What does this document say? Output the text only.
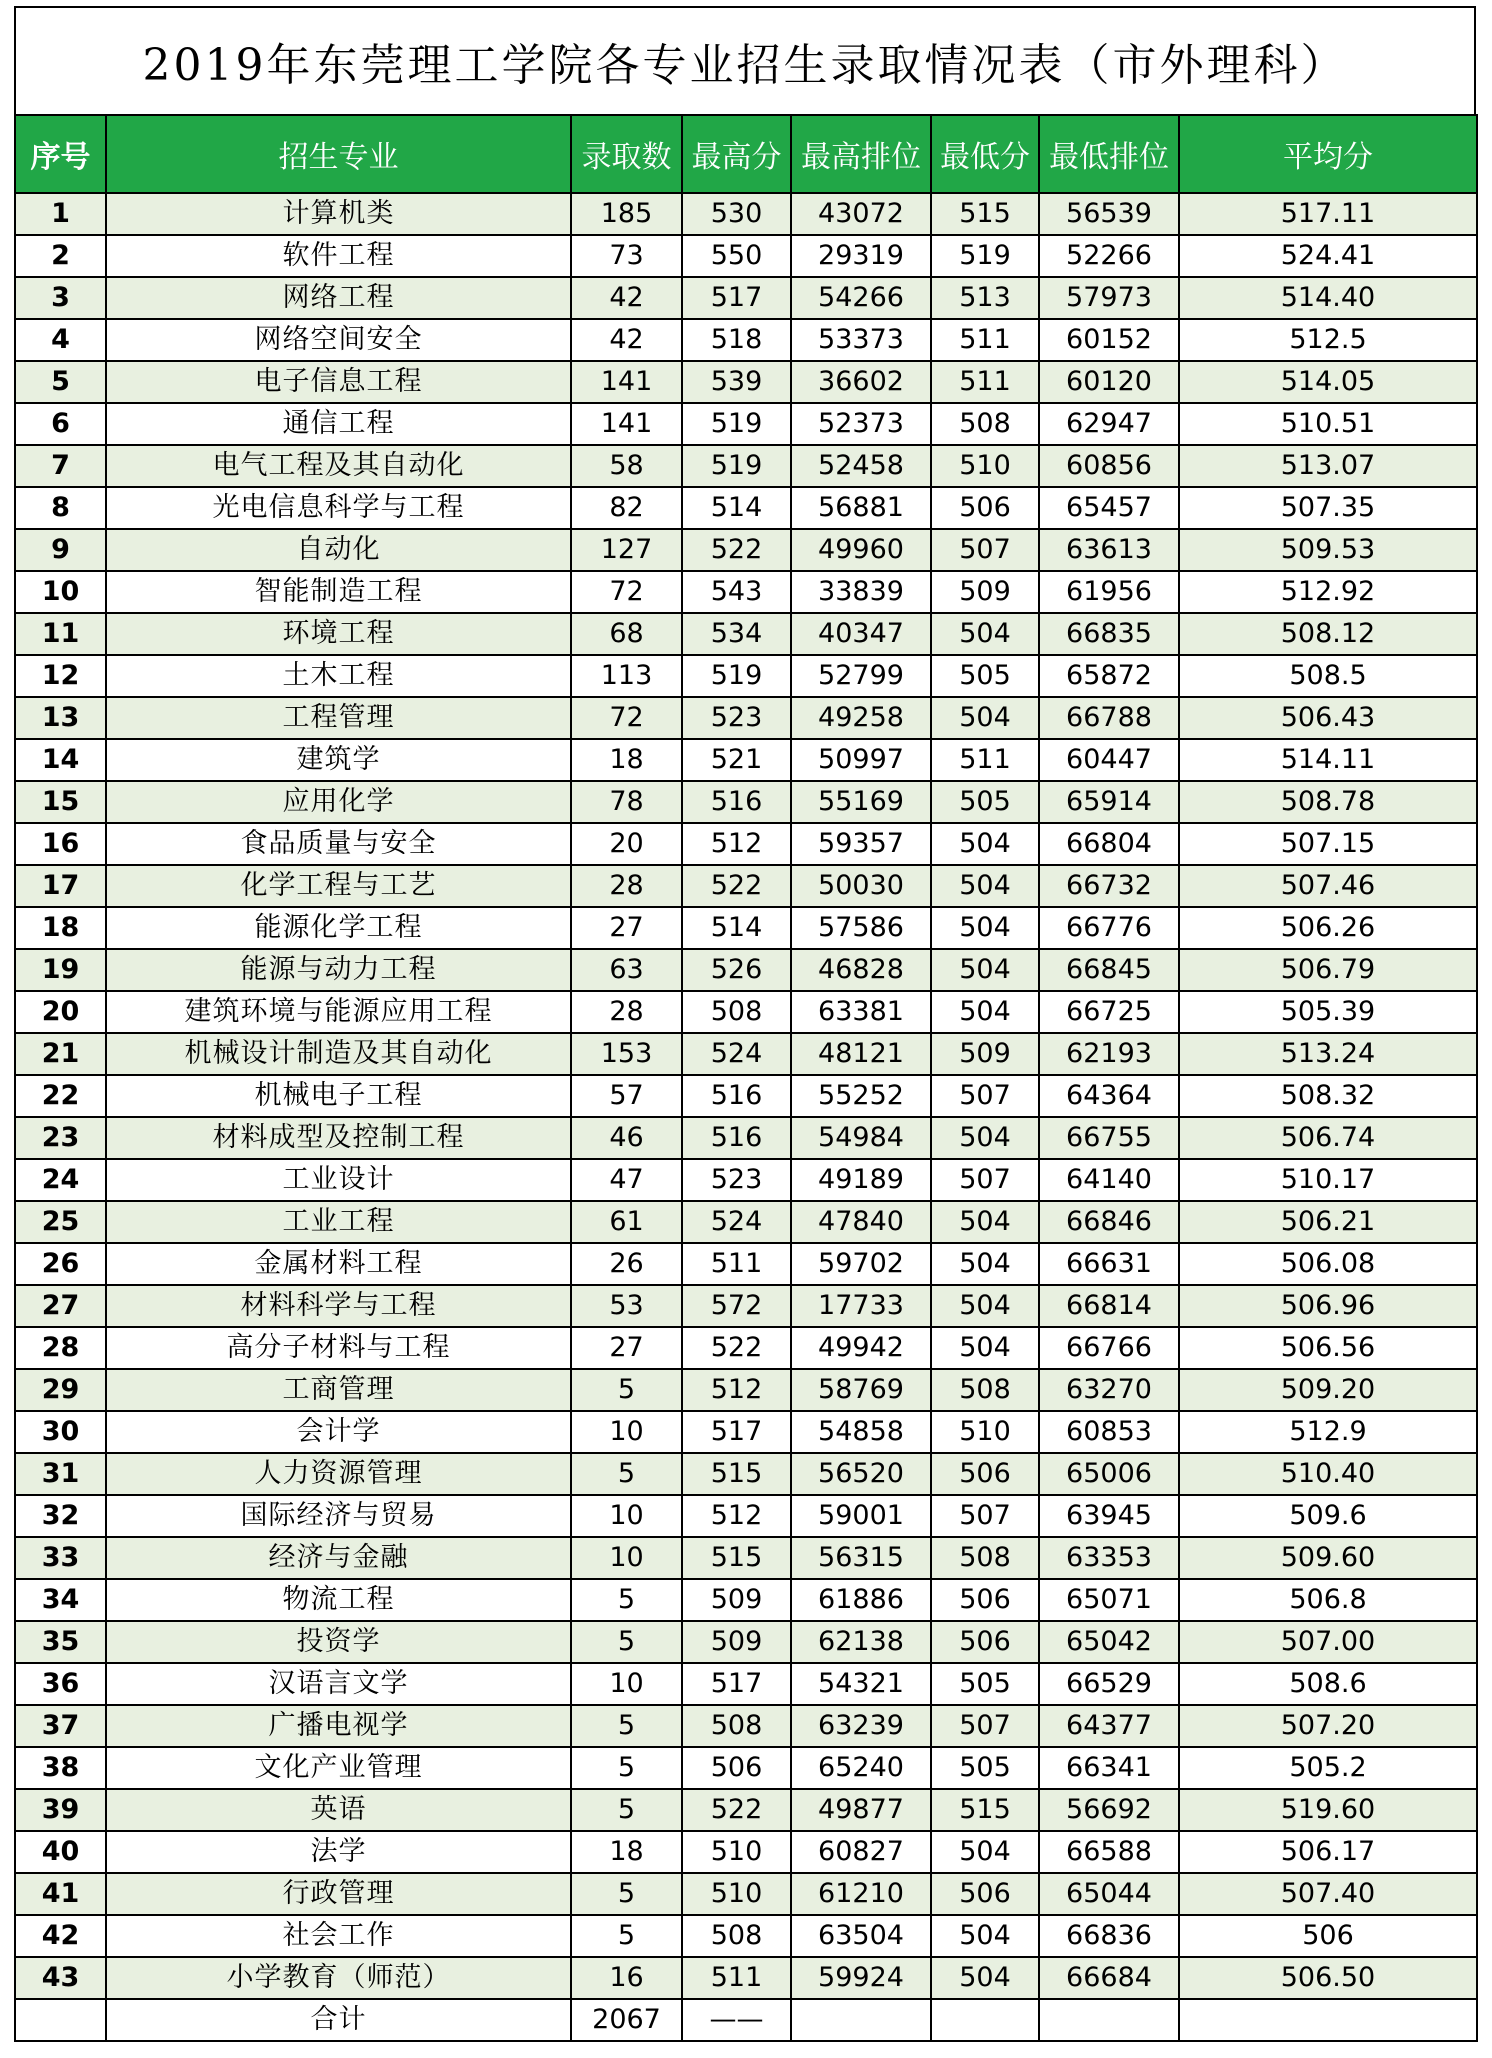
2019年东莞理工学院各专业招生录取情况表（市外理科）
序号	招生专业	录取数	最高分	最高排位	最低分	最低排位	平均分
1	计算机类	185	530	43072	515	56539	517.11
2	软件工程	73	550	29319	519	52266	524.41
3	网络工程	42	517	54266	513	57973	514.40
4	网络空间安全	42	518	53373	511	60152	512.5
5	电子信息工程	141	539	36602	511	60120	514.05
6	通信工程	141	519	52373	508	62947	510.51
7	电气工程及其自动化	58	519	52458	510	60856	513.07
8	光电信息科学与工程	82	514	56881	506	65457	507.35
9	自动化	127	522	49960	507	63613	509.53
10	智能制造工程	72	543	33839	509	61956	512.92
11	环境工程	68	534	40347	504	66835	508.12
12	土木工程	113	519	52799	505	65872	508.5
13	工程管理	72	523	49258	504	66788	506.43
14	建筑学	18	521	50997	511	60447	514.11
15	应用化学	78	516	55169	505	65914	508.78
16	食品质量与安全	20	512	59357	504	66804	507.15
17	化学工程与工艺	28	522	50030	504	66732	507.46
18	能源化学工程	27	514	57586	504	66776	506.26
19	能源与动力工程	63	526	46828	504	66845	506.79
20	建筑环境与能源应用工程	28	508	63381	504	66725	505.39
21	机械设计制造及其自动化	153	524	48121	509	62193	513.24
22	机械电子工程	57	516	55252	507	64364	508.32
23	材料成型及控制工程	46	516	54984	504	66755	506.74
24	工业设计	47	523	49189	507	64140	510.17
25	工业工程	61	524	47840	504	66846	506.21
26	金属材料工程	26	511	59702	504	66631	506.08
27	材料科学与工程	53	572	17733	504	66814	506.96
28	高分子材料与工程	27	522	49942	504	66766	506.56
29	工商管理	5	512	58769	508	63270	509.20
30	会计学	10	517	54858	510	60853	512.9
31	人力资源管理	5	515	56520	506	65006	510.40
32	国际经济与贸易	10	512	59001	507	63945	509.6
33	经济与金融	10	515	56315	508	63353	509.60
34	物流工程	5	509	61886	506	65071	506.8
35	投资学	5	509	62138	506	65042	507.00
36	汉语言文学	10	517	54321	505	66529	508.6
37	广播电视学	5	508	63239	507	64377	507.20
38	文化产业管理	5	506	65240	505	66341	505.2
39	英语	5	522	49877	515	56692	519.60
40	法学	18	510	60827	504	66588	506.17
41	行政管理	5	510	61210	506	65044	507.40
42	社会工作	5	508	63504	504	66836	506
43	小学教育（师范）	16	511	59924	504	66684	506.50
	合计	2067	——				
